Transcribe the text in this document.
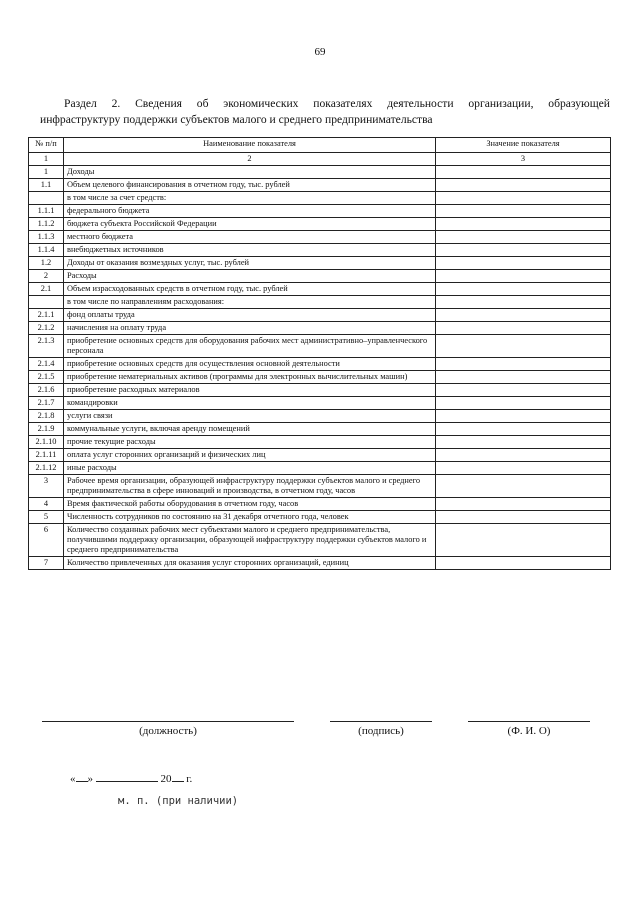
69
Раздел 2. Сведения об экономических показателях деятельности организации, образующей
инфраструктуру поддержки субъектов малого и среднего предпринимательства
№ п/п	Наименование показателя	Значение показателя
1	2	3
1	Доходы	
1.1	Объем целевого финансирования в отчетном году, тыс. рублей	
	в том числе за счет средств:	
1.1.1	федерального бюджета	
1.1.2	бюджета субъекта Российской Федерации	
1.1.3	местного бюджета	
1.1.4	внебюджетных источников	
1.2	Доходы от оказания возмездных услуг, тыс. рублей	
2	Расходы	
2.1	Объем израсходованных средств в отчетном году, тыс. рублей	
	в том числе по направлениям расходования:	
2.1.1	фонд оплаты труда	
2.1.2	начисления на оплату труда	
2.1.3	приобретение основных средств для оборудования рабочих мест административно–управленческого персонала	
2.1.4	приобретение основных средств для осуществления основной деятельности	
2.1.5	приобретение нематериальных активов (программы для электронных вычислительных машин)	
2.1.6	приобретение расходных материалов	
2.1.7	командировки	
2.1.8	услуги связи	
2.1.9	коммунальные услуги, включая аренду помещений	
2.1.10	прочие текущие расходы	
2.1.11	оплата услуг сторонних организаций и физических лиц	
2.1.12	иные расходы	
3	Рабочее время организации, образующей инфраструктуру поддержки субъектов малого и среднего предпринимательства в сфере инноваций и производства, в отчетном году, часов	
4	Время фактической работы оборудования в отчетном году, часов	
5	Численность сотрудников по состоянию на 31 декабря отчетного года, человек	
6	Количество созданных рабочих мест субъектами малого и среднего предпринимательства, получившими поддержку организации, образующей инфраструктуру поддержки субъектов малого и среднего предпринимательства	
7	Количество привлеченных для оказания услуг сторонних организаций, единиц	
(должность)	(подпись)	(Ф. И. О)
« »	20 г.
м. п. (при наличии)
